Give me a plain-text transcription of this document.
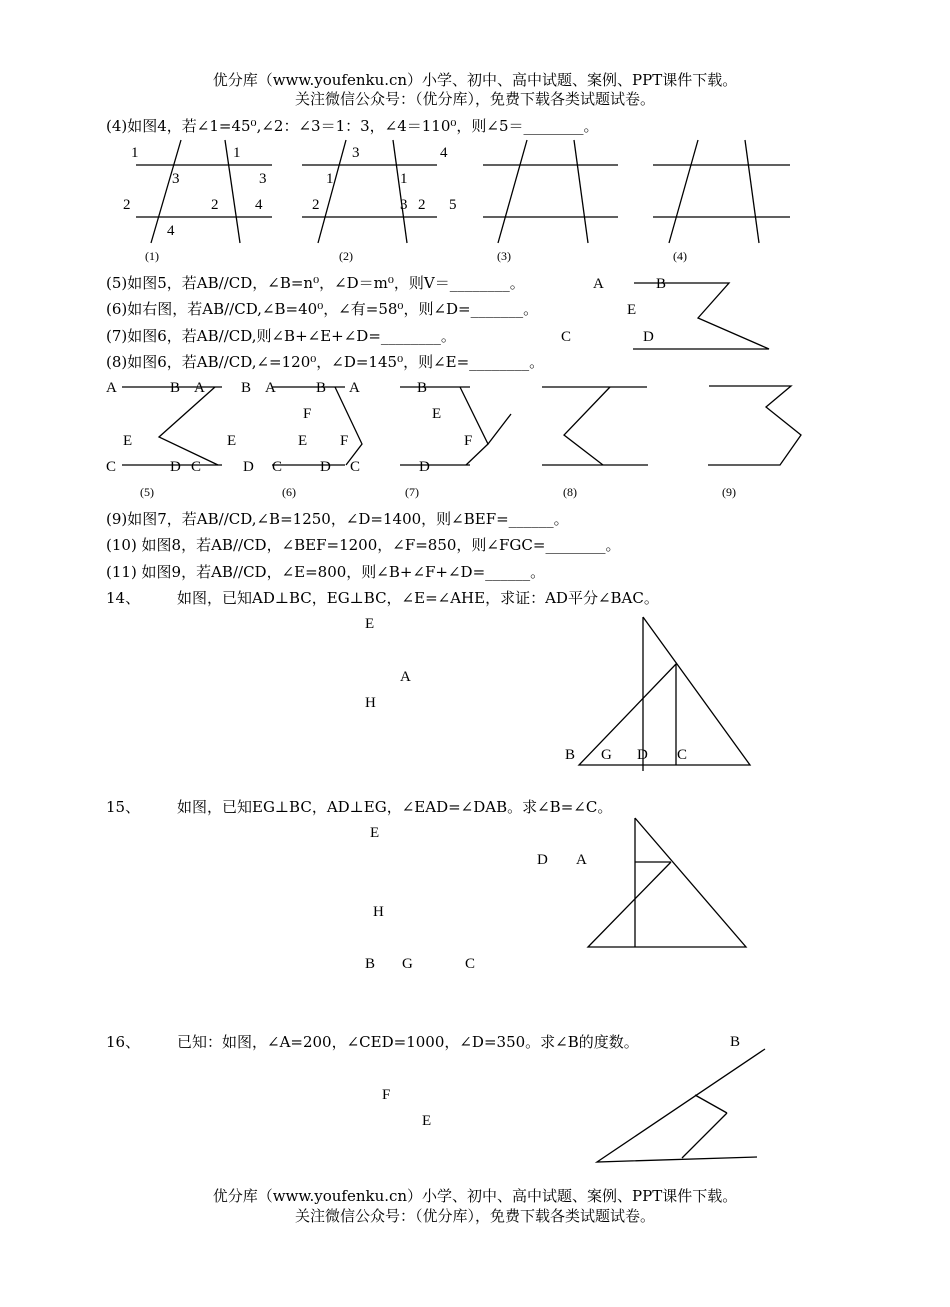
优分库（www.youfenku.cn）小学、初中、高中试题、案例、PPT课件下载。
关注微信公众号：（优分库），免费下载各类试题试卷。
(4)如图4，若∠1=45⁰,∠2：∠3＝1：3，∠4＝110⁰，则∠5＝________。
1	1
3	3
2	2 4
4
3	4
1	1
2	3 2 5
(1)	(2)	(3)	(4)
(5)如图5，若AB//CD，∠B=n⁰，∠D＝m⁰，则V＝________。
(6)如右图，若AB//CD,∠B=40⁰，∠有=58⁰，则∠D=_______。
(7)如图6，若AB//CD,则∠B+∠E+∠D=________。
(8)如图6，若AB//CD,∠=120⁰，∠D=145⁰，则∠E=________。
A	B
E
C	D
A	B
E
C	D
A B
E
C	D
A	B
F
E F
C	D
A	B
E
F
C	D
(5)	(6)	(7)	(8)	(9)
(9)如图7，若AB//CD,∠B=1250，∠D=1400，则∠BEF=______。
(10) 如图8，若AB//CD，∠BEF=1200，∠F=850，则∠FGC=________。
(11) 如图9，若AB//CD，∠E=800，则∠B+∠F+∠D=______。
14、 如图，已知AD⊥BC，EG⊥BC，∠E=∠AHE，求证：AD平分∠BAC。
E
A
H
B G D C
15、 如图，已知EG⊥BC，AD⊥EG，∠EAD=∠DAB。求∠B=∠C。
E
D A
H
B G	C
16、 已知：如图，∠A=200，∠CED=1000，∠D=350。求∠B的度数。	B
F
E
优分库（www.youfenku.cn）小学、初中、高中试题、案例、PPT课件下载。
关注微信公众号：（优分库），免费下载各类试题试卷。
